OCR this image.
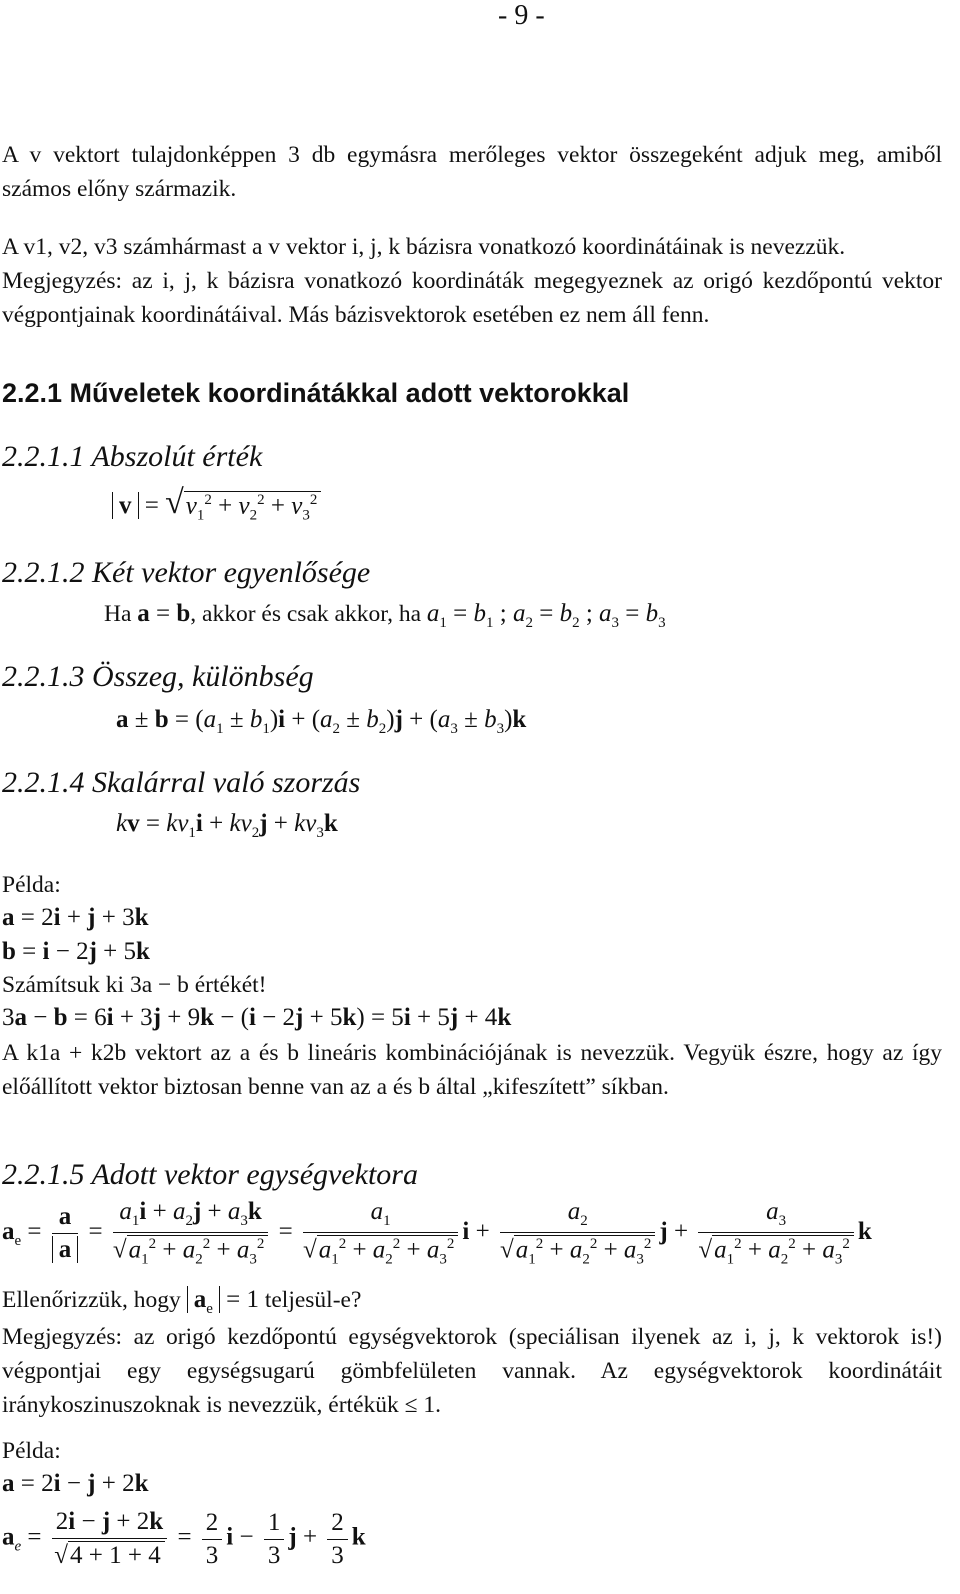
- 9 -
A v vektort tulajdonképpen 3 db egymásra merőleges vektor összegeként adjuk meg, amiből számos előny származik.
A v1, v2, v3 számhármast a v vektor i, j, k bázisra vonatkozó koordinátáinak is nevezzük.
Megjegyzés: az i, j, k bázisra vonatkozó koordináták megegyeznek az origó kezdőpontú vektor végpontjainak koordinátáival. Más bázisvektorok esetében ez nem áll fenn.
2.2.1 Műveletek koordinátákkal adott vektorokkal
2.2.1.1 Abszolút érték
$v = √v_1^2 + v_2^2 + v_3^2$
2.2.1.2 Két vektor egyenlősége
Ha a = b, akkor és csak akkor, ha $a_1 = b_1$ ; $a_2 = b_2$ ; $a_3 = b_3$
2.2.1.3 Összeg, különbség
$a \pm b = (a_1 \pm b_1)i + (a_2 \pm b_2)j + (a_3 \pm b_3)k$
2.2.1.4 Skalárral való szorzás
kv = $kv_1i + kv_2j + kv_3k$
Példa:
a = 2i + j + 3k
b = i − 2j + 5k
Számítsuk ki 3a − b értékét!
3a − b = 6i + 3j + 9k − (i − 2j + 5k) = 5i + 5j + 4k
A k1a + k2b vektort az a és b lineáris kombinációjának is nevezzük. Vegyük észre, hogy az így előállított vektor biztosan benne van az a és b által „kifeszített” síkban.
2.2.1.5 Adott vektor egységvektora
$a_e = \frac{a}{a} = \frac{a_1i + a_2j + a_3k}{√a_1^2 + a_2^2 + a_3^2} = \frac{a_1}{√a_1^2 + a_2^2 + a_3^2}$ $i + \frac{a_2}{√a_1^2 + a_2^2 + a_3^2}$ $j + \frac{a_3}{√a_1^2 + a_2^2 + a_3^2}$ k
Ellenőrizzük, hogy $a_e = 1$ teljesül-e?
Megjegyzés: az origó kezdőpontú egységvektorok (speciálisan ilyenek az i, j, k vektorok is!) végpontjai egy egységsugarú gömbfelületen vannak. Az egységvektorok koordinátáit iránykoszinuszoknak is nevezzük, értékük ≤ 1.
Példa:
a = 2i − j + 2k
$a_e = \frac{2i - j + 2k}{√4 + 1 + 4} = \frac{2}{3}$ $i - \frac{1}{3}$ $j + \frac{2}{3}$ k
